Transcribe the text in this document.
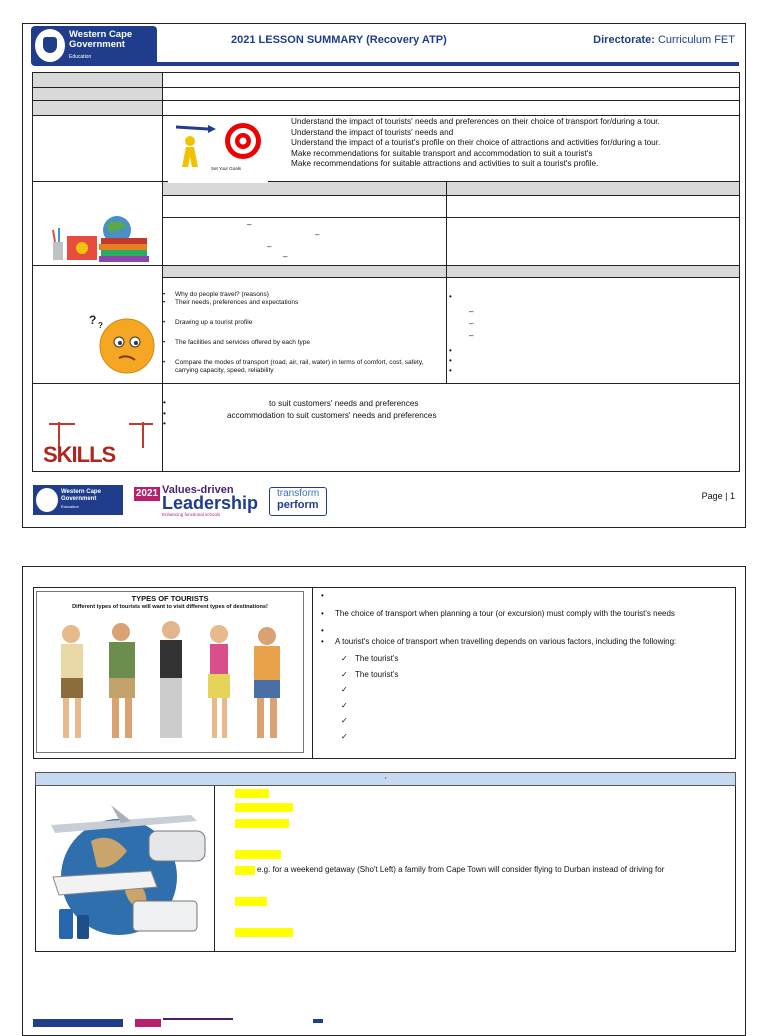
Western Cape
Government
Education
2021 LESSON SUMMARY (Recovery ATP)	Directorate: Curriculum FET
Set Your Goals
Understand the impact of tourists' needs and preferences on their choice of transport for/during a tour.
Understand the impact of tourists' needs and
Understand the impact of a tourist's profile on their choice of attractions and activities for/during a tour.
Make recommendations for suitable transport and accommodation to suit a tourist's
Make recommendations for suitable attractions and activities to suit a tourist's profile.
–
–
–
–
? ?
• Why do people travel? (reasons)
• Their needs, preferences and expectations
• Drawing up a tourist profile
• The facilities and services offered by each type
• Compare the modes of transport (road, air, rail, water) in terms of comfort, cost, safety, carrying capacity, speed, reliability
•
–
–
–
•
•
•
SKILLS
•
•
•
to suit customers' needs and preferences
accommodation to suit customers' needs and preferences
Western Cape
Government
Education
2021 Values-driven
Leadership
Enhancing functional schools
transform
perform
Page | 1
TYPES OF TOURISTS
Different types of tourists will want to visit different types of destinations!
•
• The choice of transport when planning a tour (or excursion) must comply with the tourist's needs
•
• A tourist's choice of transport when travelling depends on various factors, including the following:
✓ The tourist's
✓ The tourist's
✓
✓
✓
✓
,
e.g. for a weekend getaway (Sho't Left) a family from Cape Town will consider flying to Durban instead of driving for
